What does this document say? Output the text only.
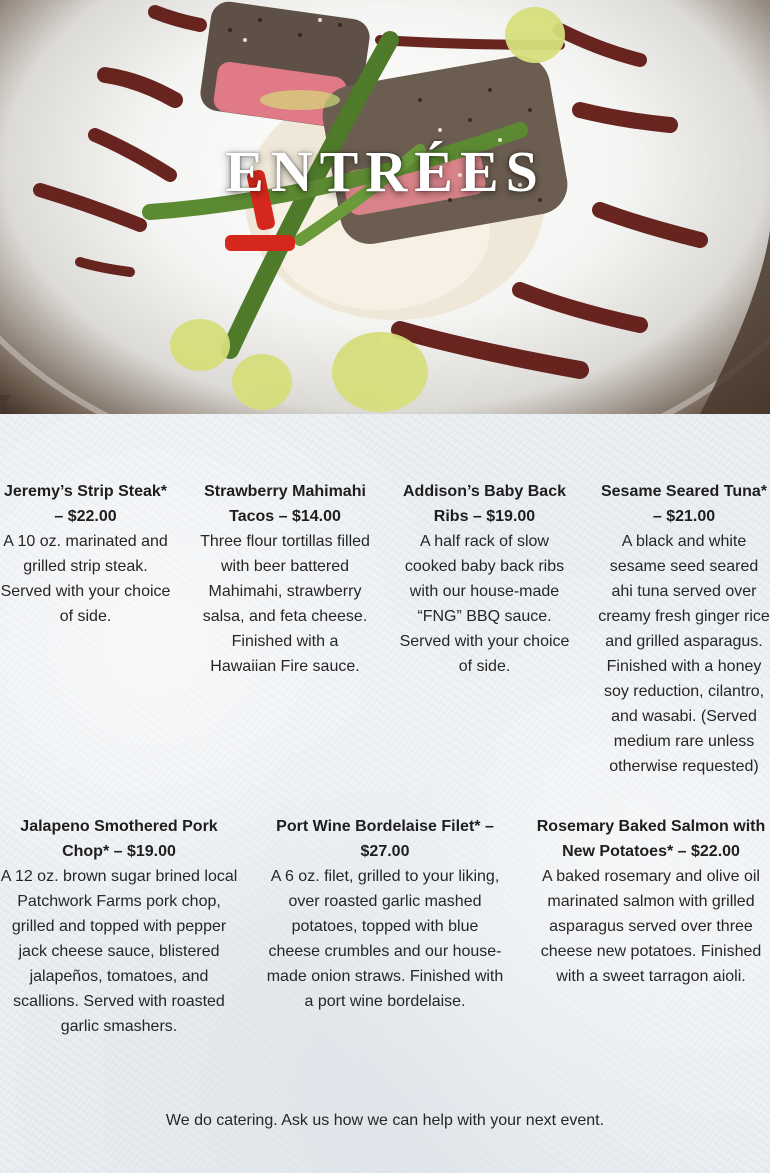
ENTRÉES
Jeremy’s Strip Steak* – $22.00
A 10 oz. marinated and grilled strip steak. Served with your choice of side.
Strawberry Mahimahi Tacos – $14.00
Three flour tortillas filled with beer battered Mahimahi, strawberry salsa, and feta cheese. Finished with a Hawaiian Fire sauce.
Addison’s Baby Back Ribs – $19.00
A half rack of slow cooked baby back ribs with our house-made “FNG” BBQ sauce. Served with your choice of side.
Sesame Seared Tuna* – $21.00
A black and white sesame seed seared ahi tuna served over creamy fresh ginger rice and grilled asparagus. Finished with a honey soy reduction, cilantro, and wasabi. (Served medium rare unless otherwise requested)
Jalapeno Smothered Pork Chop* – $19.00
A 12 oz. brown sugar brined local Patchwork Farms pork chop, grilled and topped with pepper jack cheese sauce, blistered jalapeños, tomatoes, and scallions. Served with roasted garlic smashers.
Port Wine Bordelaise Filet* – $27.00
A 6 oz. filet, grilled to your liking, over roasted garlic mashed potatoes, topped with blue cheese crumbles and our house-made onion straws. Finished with a port wine bordelaise.
Rosemary Baked Salmon with New Potatoes* – $22.00
A baked rosemary and olive oil marinated salmon with grilled asparagus served over three cheese new potatoes. Finished with a sweet tarragon aioli.
We do catering. Ask us how we can help with your next event.
